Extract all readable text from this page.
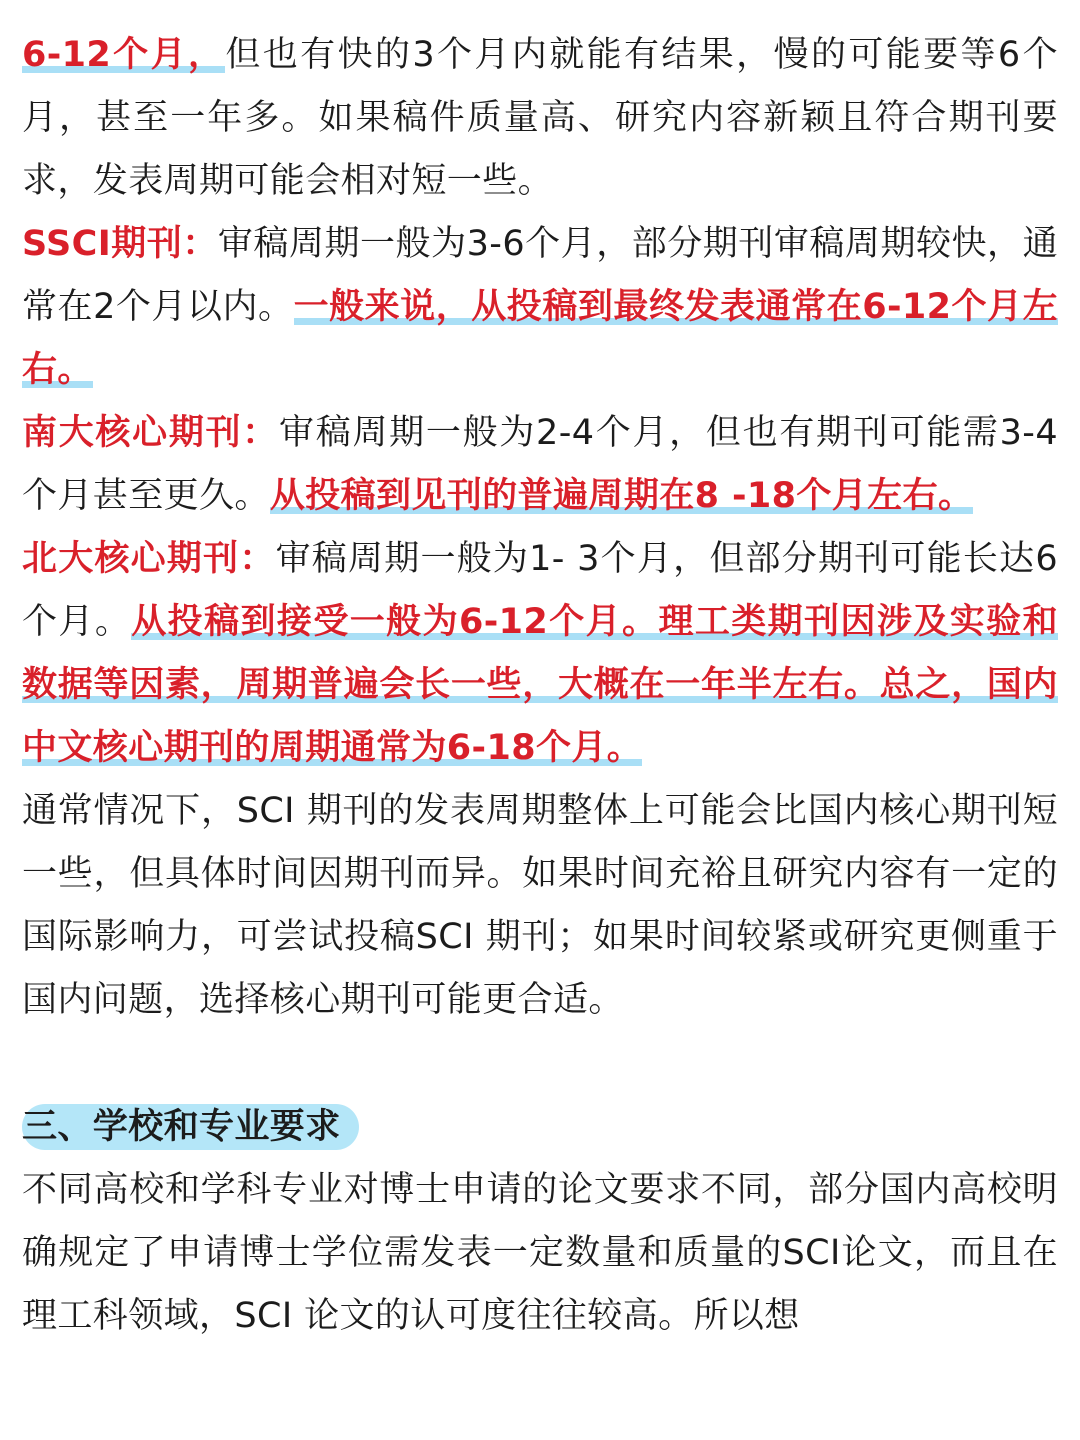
6-12个月，但也有快的3个月内就能有结果，慢的可能要等6个月，甚至一年多。如果稿件质量高、研究内容新颖且符合期刊要求，发表周期可能会相对短一些。

SSCI期刊：审稿周期一般为3-6个月，部分期刊审稿周期较快，通常在2个月以内。一般来说，从投稿到最终发表通常在6-12个月左右。

南大核心期刊：审稿周期一般为2-4个月，但也有期刊可能需3-4个月甚至更久。从投稿到见刊的普遍周期在8 -18个月左右。

北大核心期刊：审稿周期一般为1- 3个月，但部分期刊可能长达6个月。从投稿到接受一般为6-12个月。理工类期刊因涉及实验和数据等因素，周期普遍会长一些，大概在一年半左右。总之，国内中文核心期刊的周期通常为6-18个月。

通常情况下，SCI 期刊的发表周期整体上可能会比国内核心期刊短一些，但具体时间因期刊而异。如果时间充裕且研究内容有一定的国际影响力，可尝试投稿SCI 期刊；如果时间较紧或研究更侧重于国内问题，选择核心期刊可能更合适。

三、学校和专业要求

不同高校和学科专业对博士申请的论文要求不同，部分国内高校明确规定了申请博士学位需发表一定数量和质量的SCI论文，而且在理工科领域，SCI 论文的认可度往往较高。所以想
